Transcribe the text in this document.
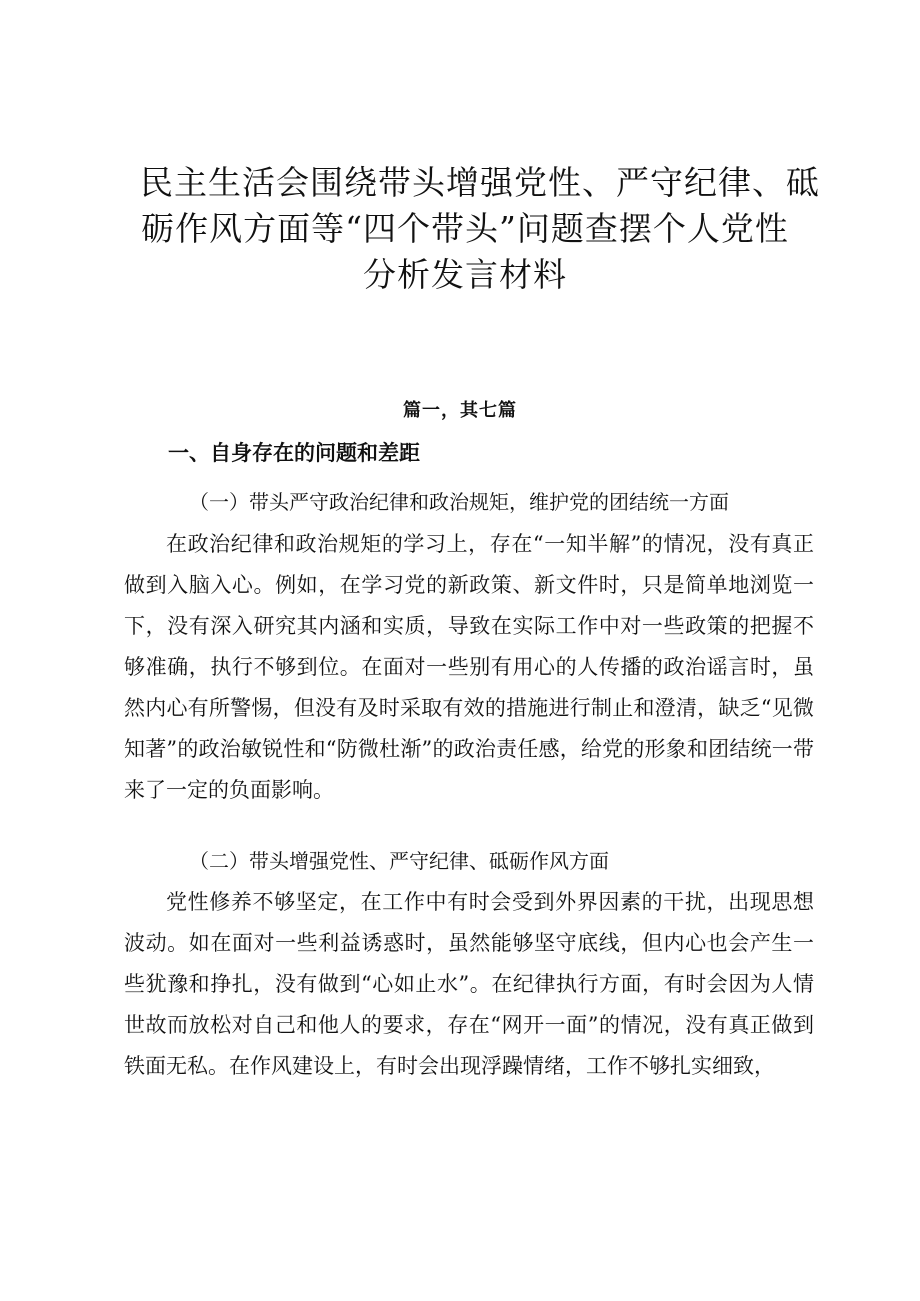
民主生活会围绕带头增强党性、严守纪律、砥
砺作风方面等“四个带头”问题查摆个人党性
分析发言材料
篇一，其七篇
一、自身存在的问题和差距
（一）带头严守政治纪律和政治规矩，维护党的团结统一方面
在政治纪律和政治规矩的学习上，存在“一知半解”的情况，没有真正做到入脑入心。例如，在学习党的新政策、新文件时，只是简单地浏览一下，没有深入研究其内涵和实质，导致在实际工作中对一些政策的把握不够准确，执行不够到位。在面对一些别有用心的人传播的政治谣言时，虽然内心有所警惕，但没有及时采取有效的措施进行制止和澄清，缺乏“见微知著”的政治敏锐性和“防微杜渐”的政治责任感，给党的形象和团结统一带来了一定的负面影响。
（二）带头增强党性、严守纪律、砥砺作风方面
党性修养不够坚定，在工作中有时会受到外界因素的干扰，出现思想波动。如在面对一些利益诱惑时，虽然能够坚守底线，但内心也会产生一些犹豫和挣扎，没有做到“心如止水”。在纪律执行方面，有时会因为人情世故而放松对自己和他人的要求，存在“网开一面”的情况，没有真正做到铁面无私。在作风建设上，有时会出现浮躁情绪，工作不够扎实细致，
